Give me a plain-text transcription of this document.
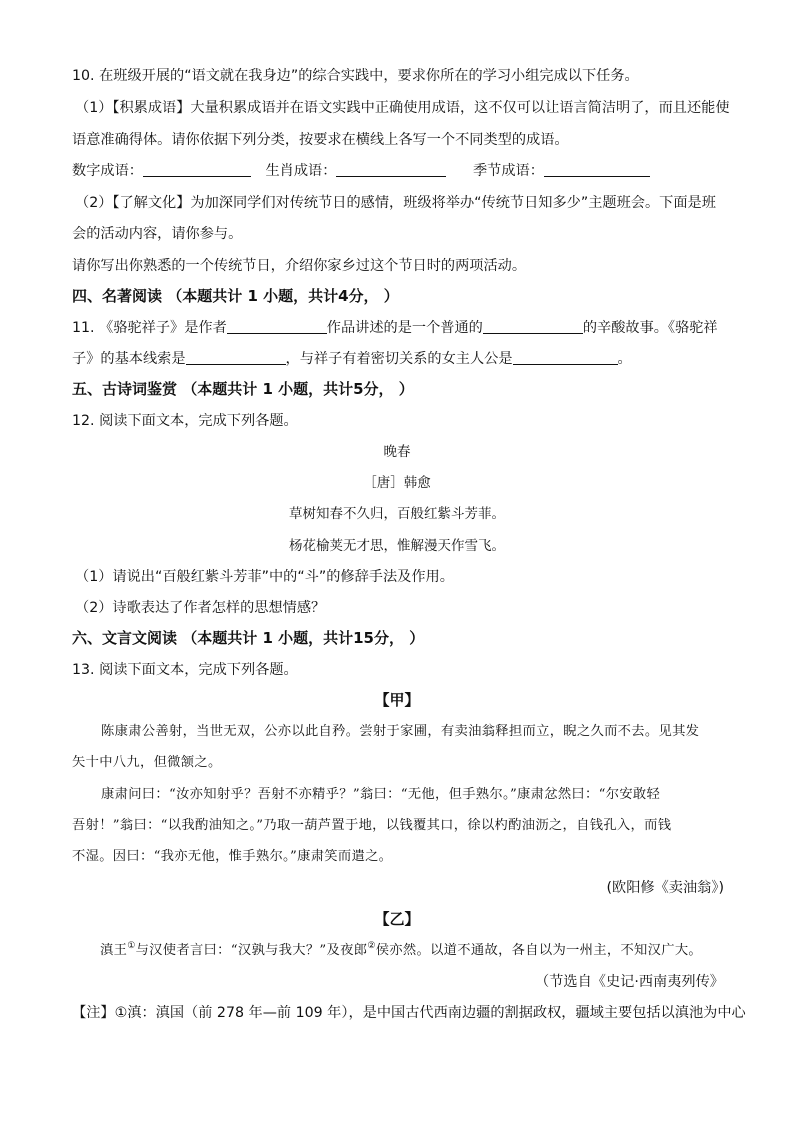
10. 在班级开展的“语文就在我身边”的综合实践中，要求你所在的学习小组完成以下任务。
（1）【积累成语】大量积累成语并在语文实践中正确使用成语，这不仅可以让语言简洁明了，而且还能使
语意准确得体。请你依据下列分类，按要求在横线上各写一个不同类型的成语。
数字成语：	生肖成语：	季节成语：
（2）【了解文化】为加深同学们对传统节日的感情，班级将举办“传统节日知多少”主题班会。下面是班
会的活动内容，请你参与。
请你写出你熟悉的一个传统节日，介绍你家乡过这个节日时的两项活动。
四、名著阅读 （本题共计 1 小题，共计4分， ）
11. 《骆驼祥子》是作者	作品讲述的是一个普通的	的辛酸故事。《骆驼祥
子》的基本线索是	，与祥子有着密切关系的女主人公是	。
五、古诗词鉴赏 （本题共计 1 小题，共计5分， ）
12. 阅读下面文本，完成下列各题。
晚春
［唐］韩愈
草树知春不久归，百般红紫斗芳菲。
杨花榆荚无才思，惟解漫天作雪飞。
（1）请说出“百般红紫斗芳菲”中的“斗”的修辞手法及作用。
（2）诗歌表达了作者怎样的思想情感？
六、文言文阅读 （本题共计 1 小题，共计15分， ）
13. 阅读下面文本，完成下列各题。
【甲】
陈康肃公善射，当世无双，公亦以此自矜。尝射于家圃，有卖油翁释担而立，睨之久而不去。见其发
矢十中八九，但微颔之。
康肃问曰：“汝亦知射乎？吾射不亦精乎？”翁曰：“无他，但手熟尔。”康肃忿然曰：“尔安敢轻
吾射！”翁曰：“以我酌油知之。”乃取一葫芦置于地，以钱覆其口，徐以杓酌油沥之，自钱孔入，而钱
不湿。因曰：“我亦无他，惟手熟尔。”康肃笑而遣之。
(欧阳修《卖油翁》)
【乙】
滇王①与汉使者言曰：“汉孰与我大？”及夜郎②侯亦然。以道不通故，各自以为一州主，不知汉广大。
（节选自《史记·西南夷列传》
【注】①滇：滇国（前 278 年—前 109 年），是中国古代西南边疆的割据政权，疆域主要包括以滇池为中心
